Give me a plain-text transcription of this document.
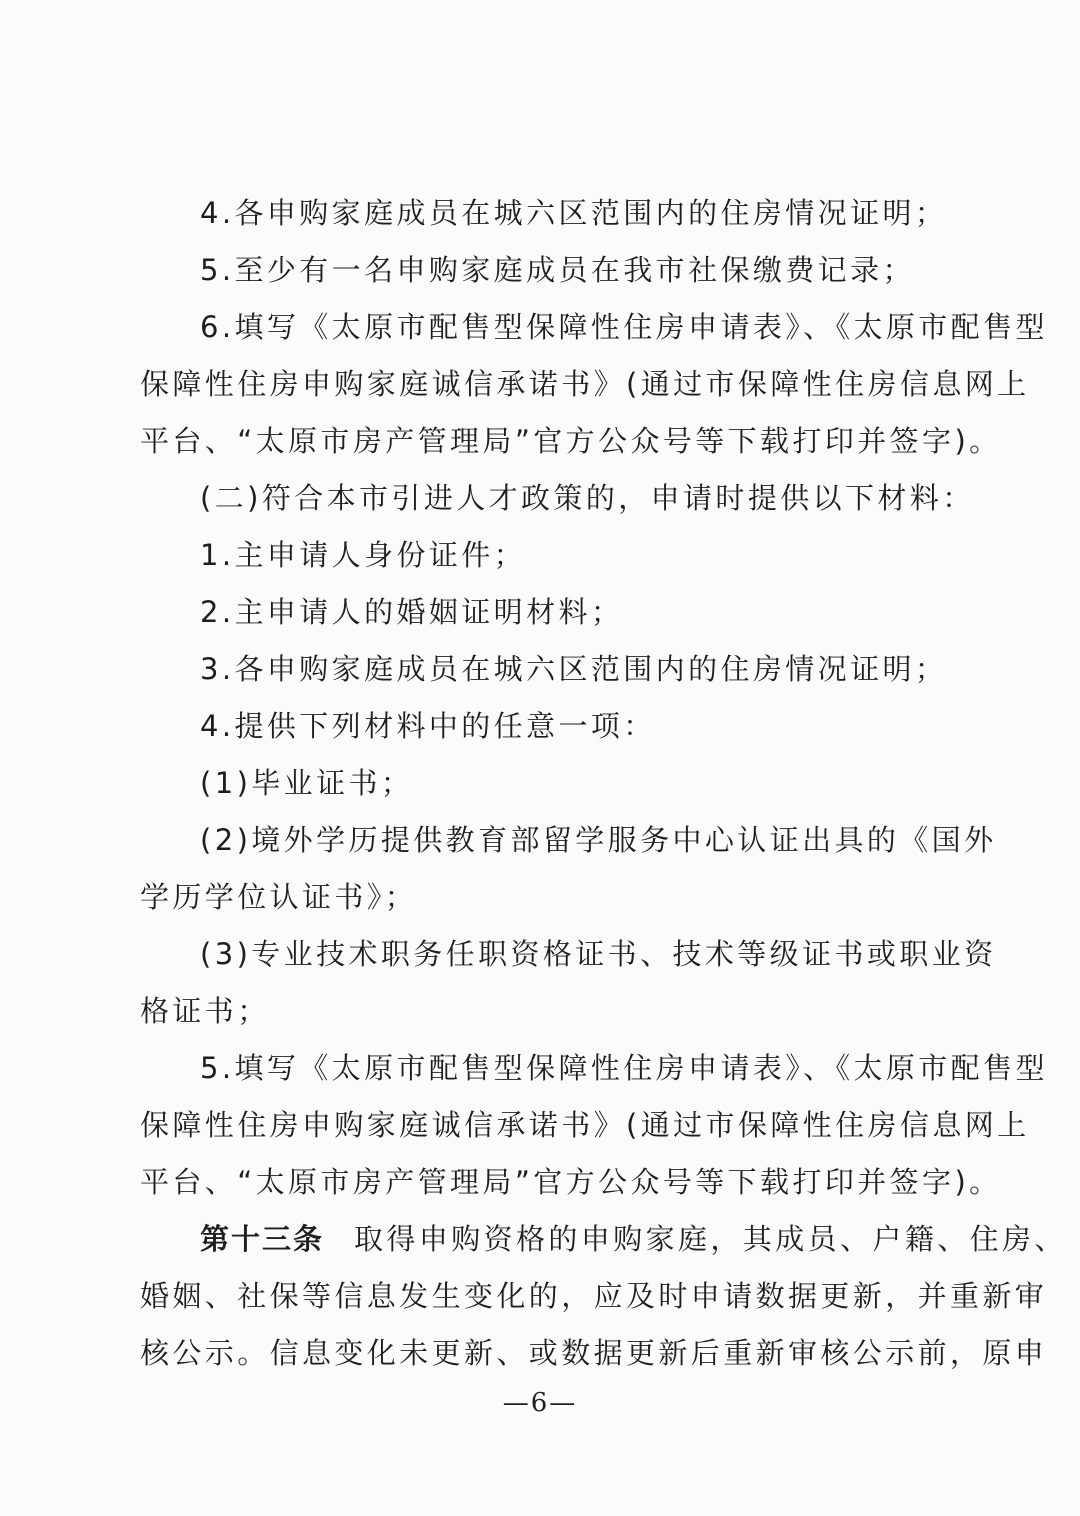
4.各申购家庭成员在城六区范围内的住房情况证明；
5.至少有一名申购家庭成员在我市社保缴费记录；
6.填写《太原市配售型保障性住房申请表》、《太原市配售型
保障性住房申购家庭诚信承诺书》(通过市保障性住房信息网上
平台、“太原市房产管理局”官方公众号等下载打印并签字)。
(二)符合本市引进人才政策的，申请时提供以下材料：
1.主申请人身份证件；
2.主申请人的婚姻证明材料；
3.各申购家庭成员在城六区范围内的住房情况证明；
4.提供下列材料中的任意一项：
(1)毕业证书；
(2)境外学历提供教育部留学服务中心认证出具的《国外
学历学位认证书》；
(3)专业技术职务任职资格证书、技术等级证书或职业资
格证书；
5.填写《太原市配售型保障性住房申请表》、《太原市配售型
保障性住房申购家庭诚信承诺书》(通过市保障性住房信息网上
平台、“太原市房产管理局”官方公众号等下载打印并签字)。
第十三条 取得申购资格的申购家庭，其成员、户籍、住房、
婚姻、社保等信息发生变化的，应及时申请数据更新，并重新审
核公示。信息变化未更新、或数据更新后重新审核公示前，原申
—6—
